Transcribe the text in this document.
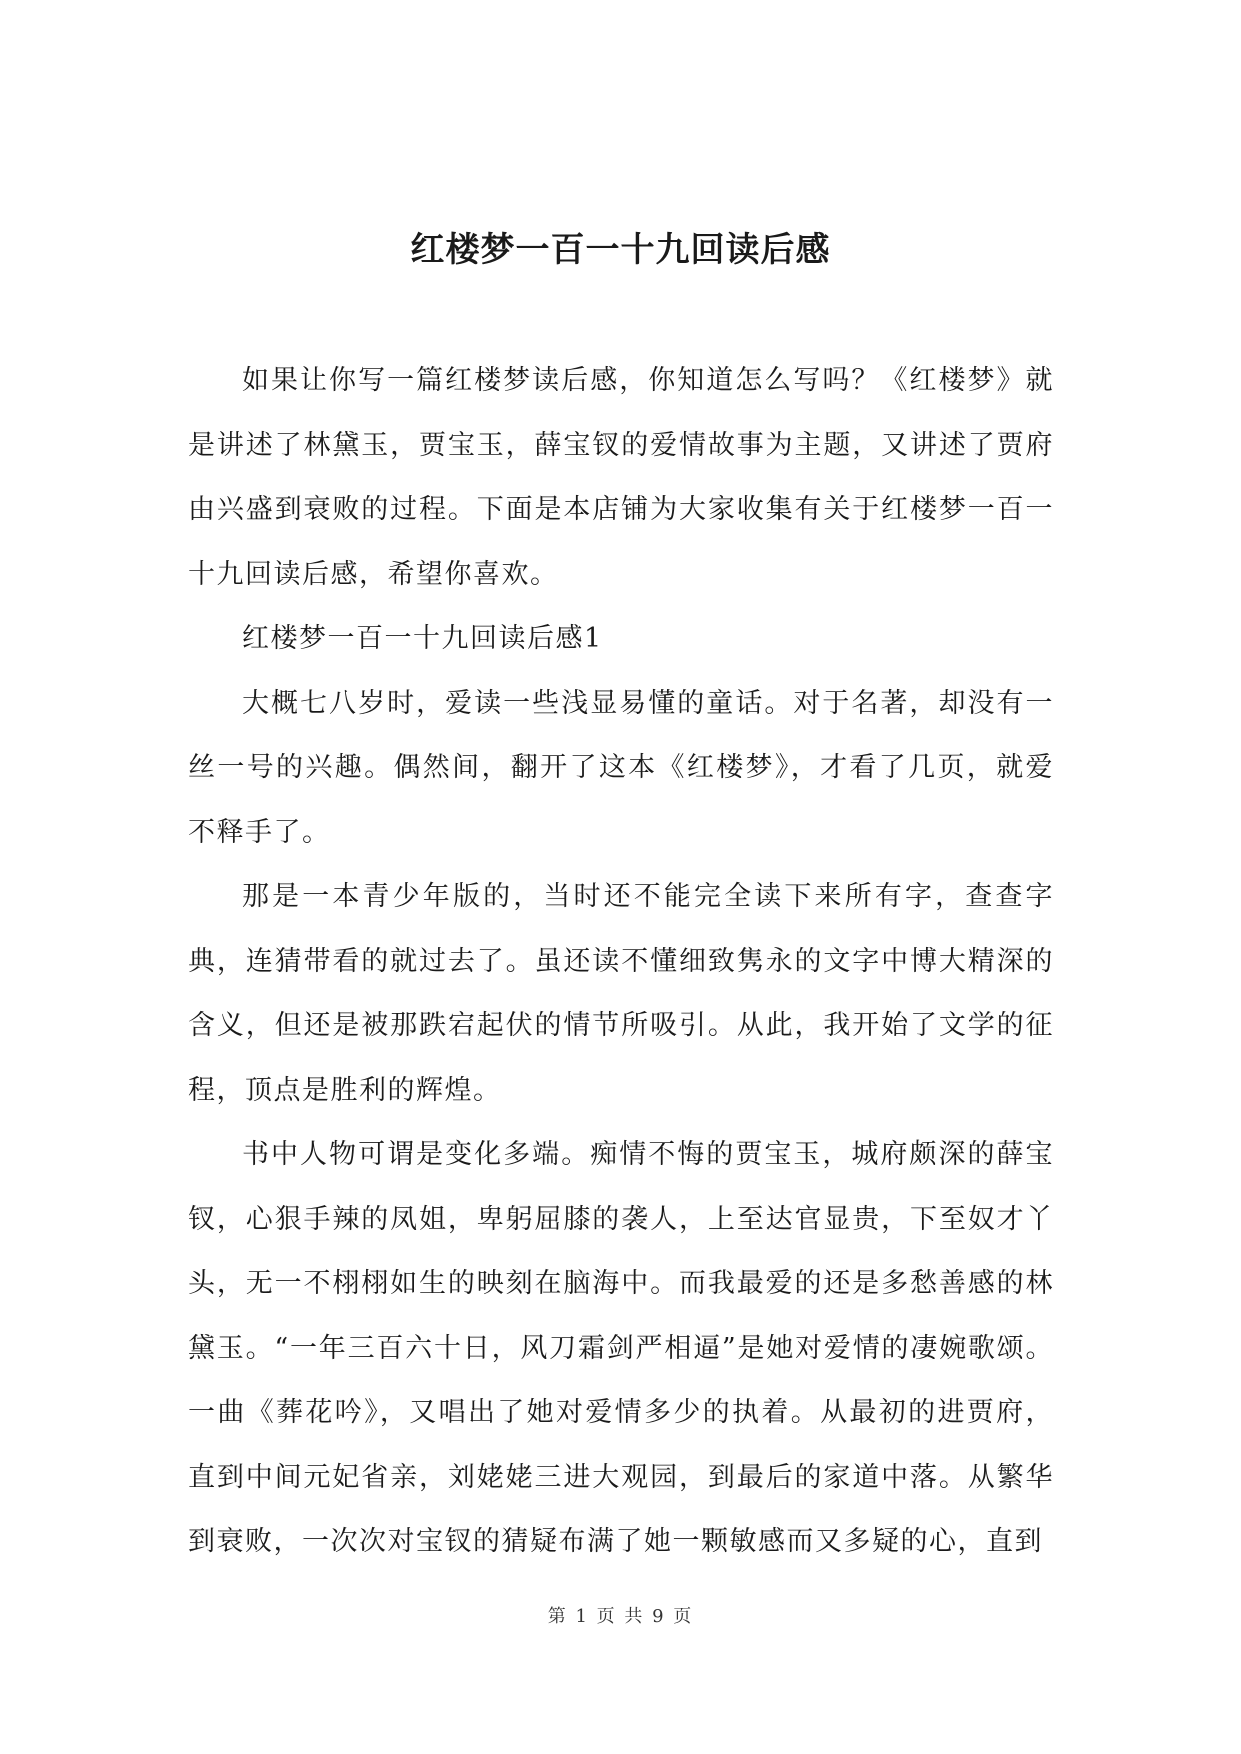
红楼梦一百一十九回读后感

如果让你写一篇红楼梦读后感，你知道怎么写吗？《红楼梦》就是讲述了林黛玉，贾宝玉，薛宝钗的爱情故事为主题，又讲述了贾府由兴盛到衰败的过程。下面是本店铺为大家收集有关于红楼梦一百一十九回读后感，希望你喜欢。

红楼梦一百一十九回读后感1

大概七八岁时，爱读一些浅显易懂的童话。对于名著，却没有一丝一号的兴趣。偶然间，翻开了这本《红楼梦》，才看了几页，就爱不释手了。

那是一本青少年版的，当时还不能完全读下来所有字，查查字典，连猜带看的就过去了。虽还读不懂细致隽永的文字中博大精深的含义，但还是被那跌宕起伏的情节所吸引。从此，我开始了文学的征程，顶点是胜利的辉煌。

书中人物可谓是变化多端。痴情不悔的贾宝玉，城府颇深的薛宝钗，心狠手辣的凤姐，卑躬屈膝的袭人，上至达官显贵，下至奴才丫头，无一不栩栩如生的映刻在脑海中。而我最爱的还是多愁善感的林黛玉。“一年三百六十日，风刀霜剑严相逼”是她对爱情的凄婉歌颂。一曲《葬花吟》，又唱出了她对爱情多少的执着。从最初的进贾府，直到中间元妃省亲，刘姥姥三进大观园，到最后的家道中落。从繁华到衰败，一次次对宝钗的猜疑布满了她一颗敏感而又多疑的心，直到

第 1 页 共 9 页
